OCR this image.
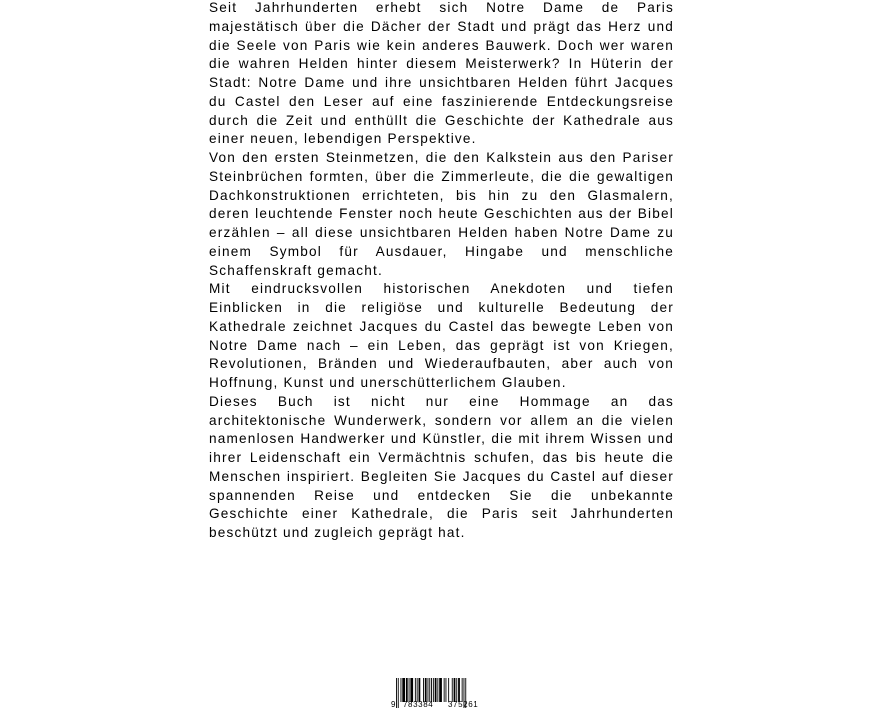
Seit Jahrhunderten erhebt sich Notre Dame de Paris majestätisch über die Dächer der Stadt und prägt das Herz und die Seele von Paris wie kein anderes Bauwerk. Doch wer waren die wahren Helden hinter diesem Meisterwerk? In Hüterin der Stadt: Notre Dame und ihre unsichtbaren Helden führt Jacques du Castel den Leser auf eine faszinierende Entdeckungsreise durch die Zeit und enthüllt die Geschichte der Kathedrale aus einer neuen, lebendigen Perspektive.

Von den ersten Steinmetzen, die den Kalkstein aus den Pariser Steinbrüchen formten, über die Zimmerleute, die die gewaltigen Dachkonstruktionen errichteten, bis hin zu den Glasmalern, deren leuchtende Fenster noch heute Geschichten aus der Bibel erzählen – all diese unsichtbaren Helden haben Notre Dame zu einem Symbol für Ausdauer, Hingabe und menschliche Schaffenskraft gemacht.

Mit eindrucksvollen historischen Anekdoten und tiefen Einblicken in die religiöse und kulturelle Bedeutung der Kathedrale zeichnet Jacques du Castel das bewegte Leben von Notre Dame nach – ein Leben, das geprägt ist von Kriegen, Revolutionen, Bränden und Wiederaufbauten, aber auch von Hoffnung, Kunst und unerschütterlichem Glauben.

Dieses Buch ist nicht nur eine Hommage an das architektonische Wunderwerk, sondern vor allem an die vielen namenlosen Handwerker und Künstler, die mit ihrem Wissen und ihrer Leidenschaft ein Vermächtnis schufen, das bis heute die Menschen inspiriert. Begleiten Sie Jacques du Castel auf dieser spannenden Reise und entdecken Sie die unbekannte Geschichte einer Kathedrale, die Paris seit Jahrhunderten beschützt und zugleich geprägt hat.

9 783384 375261
